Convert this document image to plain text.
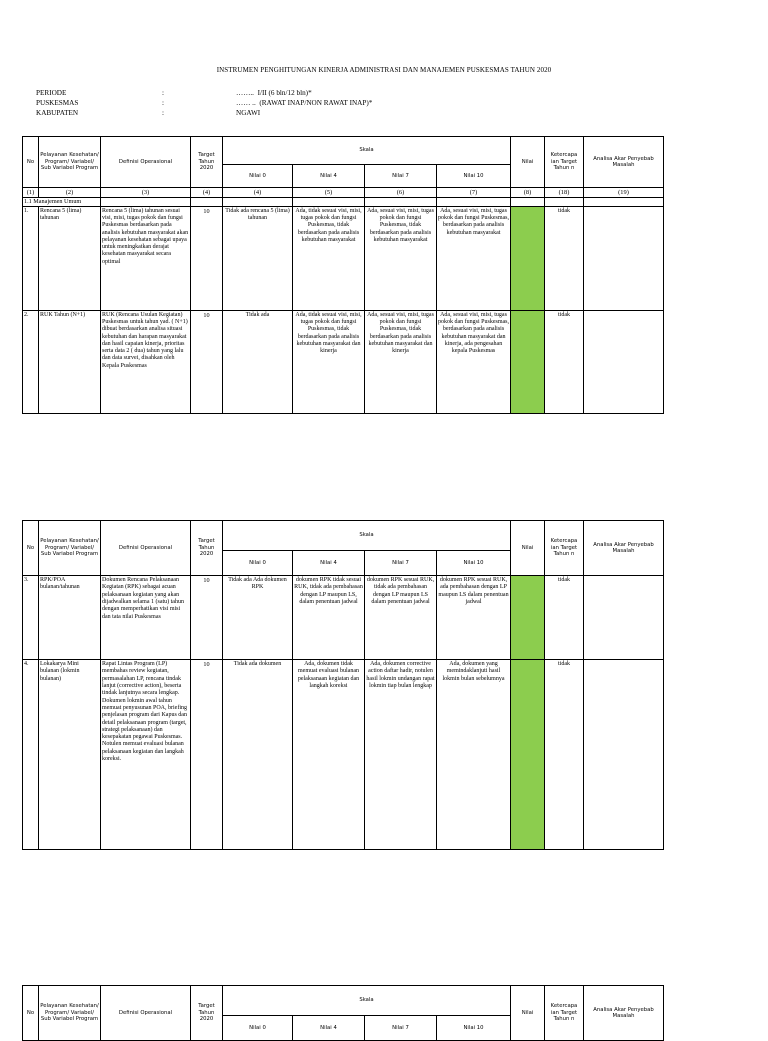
INSTRUMEN PENGHITUNGAN KINERJA ADMINISTRASI DAN MANAJEMEN PUSKESMAS TAHUN 2020
PERIODE	:	…….. I/II (6 bln/12 bln)*
PUSKESMAS	:	…… .. (RAWAT INAP/NON RAWAT INAP)*
KABUPATEN	:	NGAWI
No	Pelayanan Kesehatan/ Program/ Variabel/ Sub Variabel Program	Definisi Operasional	Target Tahun 2020	Skala				Nilai	Ketercapa ian Target Tahun n	Analisa Akar Penyebab Masalah
				Nilai 0	Nilai 4	Nilai 7	Nilai 10			
(1)	(2)	(3)	(4)	(4)	(5)	(6)	(7)	(8)	(18)	(19)
1.1 Manajemen Umum										
1.	Rencana 5 (lima) tahunan	Rencana 5 (lima) tahunan sesuai visi, misi, tugas pokok dan fungsi Puskesmas berdasarkan pada analisis kebutuhan masyarakat akan pelayanan kesehatan sebagai upaya untuk meningkatkan derajat kesehatan masyarakat secara optimal	10	Tidak ada rencana 5 (lima) tahunan	Ada, tidak sesuai visi, misi, tugas pokok dan fungsi Puskesmas, tidak berdasarkan pada analisis kebutuhan masyarakat	Ada, sesuai visi, misi, tugas pokok dan fungsi Puskesmas, tidak berdasarkan pada analisis kebutuhan masyarakat	Ada, sesuai visi, misi, tugas pokok dan fungsi Puskesmas, berdasarkan pada analisis kebutuhan masyarakat		tidak	
2.	RUK Tahun (N+1)	RUK (Rencana Usulan Kegiatan) Puskesmas untuk tahun yad. ( N+1) dibuat berdasarkan analisa situasi kebutuhan dan harapan masyarakat dan hasil capaian kinerja, prioritas serta data 2 ( dua) tahun yang lalu dan data survei, disahkan oleh Kepala Puskesmas	10	Tidak ada	Ada, tidak sesuai visi, misi, tugas pokok dan fungsi Puskesmas, tidak berdasarkan pada analisis kebutuhan masyarakat dan kinerja	Ada, sesuai visi, misi, tugas pokok dan fungsi Puskesmas, tidak berdasarkan pada analisis kebutuhan masyarakat dan kinerja	Ada, sesuai visi, misi, tugas pokok dan fungsi Puskesmas, berdasarkan pada analisis kebutuhan masyarakat dan kinerja, ada pengesahan kepala Puskesmas		tidak	
No	Pelayanan Kesehatan/ Program/ Variabel/ Sub Variabel Program	Definisi Operasional	Target Tahun 2020	Skala				Nilai	Ketercapa ian Target Tahun n	Analisa Akar Penyebab Masalah
				Nilai 0	Nilai 4	Nilai 7	Nilai 10			
3.	RPK/POA bulanan/tahunan	Dokumen Rencana Pelaksanaan Kegiatan (RPK) sebagai acuan pelaksanaan kegiatan yang akan dijadwalkan selama 1 (satu) tahun dengan memperhatikan visi misi dan tata nilai Puskesmas	10	Tidak ada Ada dokumen RPK	dokumen RPK tidak sesuai RUK, tidak ada pembahasan dengan LP maupun LS, dalam penentuan jadwal	dokumen RPK sesuai RUK, tidak ada pembahasan dengan LP maupun LS dalam penentuan jadwal	dokumen RPK sesuai RUK, ada pembahasan dengan LP maupun LS dalam penentuan jadwal		tidak	
4.	Lokakarya Mini bulanan (lokmin bulanan)	Rapat Lintas Program (LP) membahas review kegiatan, permasalahan LP, rencana tindak lanjut (corrective action), beserta tindak lanjutnya secara lengkap. Dokumen lokmin awal tahun memuat penyusunan POA, briefing penjelasan program dari Kapus dan detail pelaksanaan program (target, strategi pelaksanaan) dan kesepakatan pegawai Puskesmas. Notulen memuat evaluasi bulanan pelaksanaan kegiatan dan langkah koreksi.	10	Tidak ada dokumen	Ada, dokumen tidak memuat evaluasi bulanan pelaksanaan kegiatan dan langkah koreksi	Ada, dokumen corrective action daftar hadir, notulen hasil lokmin undangan rapat lokmin tiap bulan lengkap	Ada, dokumen yang memindaklanjuti hasil lokmin bulan sebelumnya		tidak	
No	Pelayanan Kesehatan/ Program/ Variabel/ Sub Variabel Program	Definisi Operasional	Target Tahun 2020	Skala				Nilai	Ketercapa ian Target Tahun n	Analisa Akar Penyebab Masalah
				Nilai 0	Nilai 4	Nilai 7	Nilai 10			
